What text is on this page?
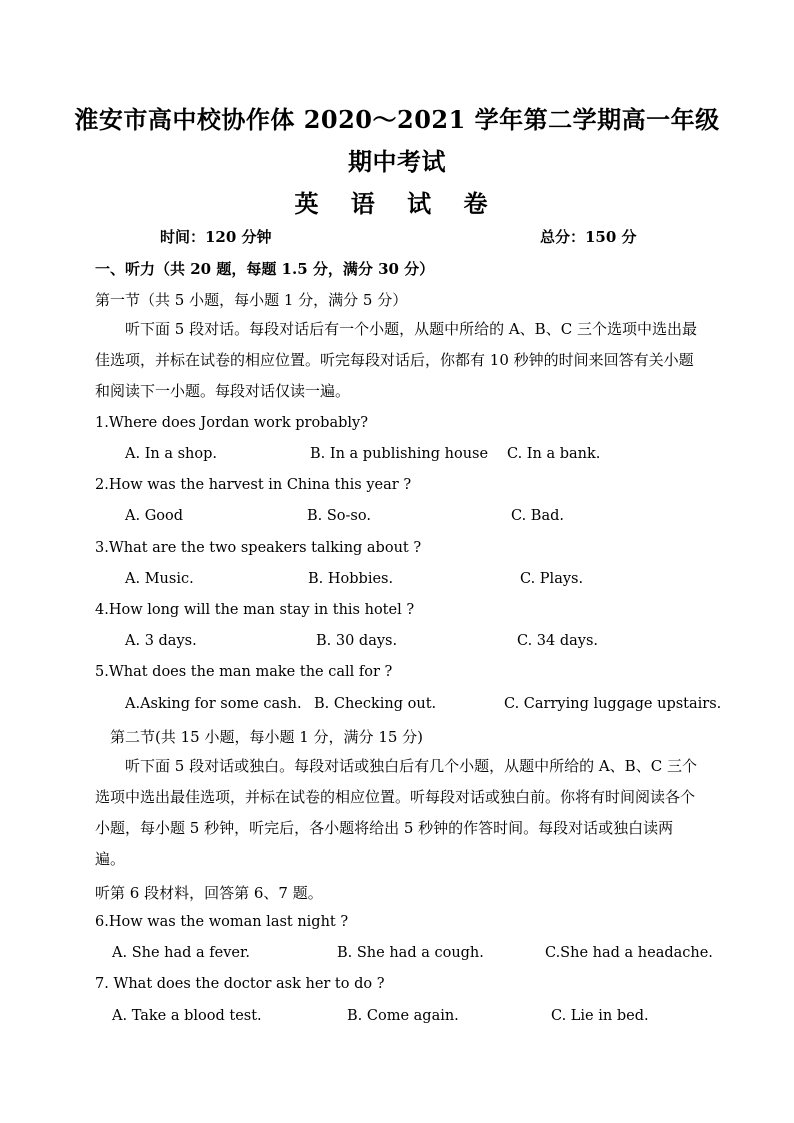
淮安市高中校协作体 2020～2021 学年第二学期高一年级
期中考试
英 语 试 卷
时间：120 分钟	总分：150 分
一、听力（共 20 题，每题 1.5 分，满分 30 分）
第一节（共 5 小题，每小题 1 分，满分 5 分）
听下面 5 段对话。每段对话后有一个小题，从题中所给的 A、B、C 三个选项中选出最佳选项，并标在试卷的相应位置。听完每段对话后，你都有 10 秒钟的时间来回答有关小题和阅读下一小题。每段对话仅读一遍。
1.Where does Jordan work probably?
A. In a shop.	B. In a publishing house C. In a bank.
2.How was the harvest in China this year ?
A. Good	B. So-so.	C. Bad.
3.What are the two speakers talking about ?
A. Music.	B. Hobbies.	C. Plays.
4.How long will the man stay in this hotel ?
A. 3 days.	B. 30 days.	C. 34 days.
5.What does the man make the call for ?
A.Asking for some cash. B. Checking out.	C. Carrying luggage upstairs.
第二节(共 15 小题，每小题 1 分，满分 15 分)
听下面 5 段对话或独白。每段对话或独白后有几个小题，从题中所给的 A、B、C 三个选项中选出最佳选项，并标在试卷的相应位置。听每段对话或独白前。你将有时间阅读各个小题，每小题 5 秒钟，听完后，各小题将给出 5 秒钟的作答时间。每段对话或独白读两遍。
听第 6 段材料，回答第 6、7 题。
6.How was the woman last night ?
A. She had a fever.	B. She had a cough.	C.She had a headache.
7. What does the doctor ask her to do ?
A. Take a blood test.	B. Come again.	C. Lie in bed.
